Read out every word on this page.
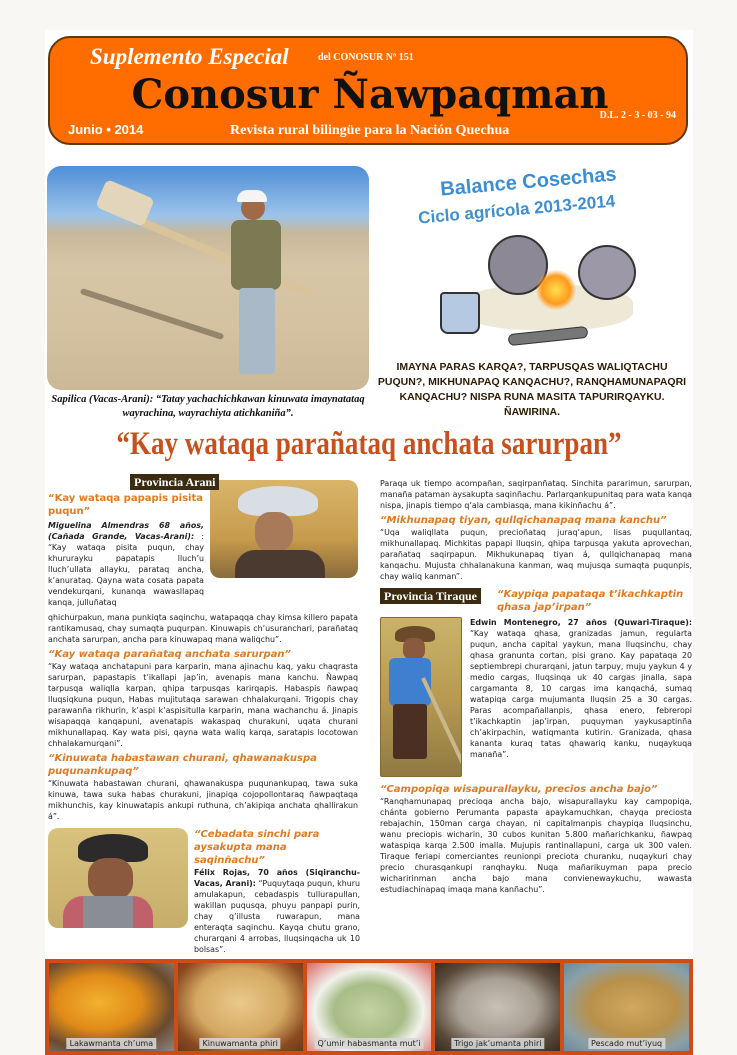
Suplemento Especial	del CONOSUR Nº 151
Conosur Ñawpaqman
Junio • 2014	Revista rural bilingüe para la Nación Quechua
D.L. 2 - 3 - 03 - 94
Sapilica (Vacas-Arani): “Tatay yachachichkawan kinuwata imaynatataq wayrachina, wayrachiyta atichkaniña”.
Balance Cosechas
Ciclo agrícola 2013-2014
IMAYNA PARAS KARQA?, TARPUSQAS WALIQTACHU PUQUN?, MIKHUNAPAQ KANQACHU?, RANQHAMUNAPAQRI KANQACHU? NISPA RUNA MASITA TAPURIRQAYKU. ÑAWIRINA.
“Kay wataqa parañataq anchata sarurpan”
Provincia Arani
“Kay wataqa papapis pisita puqun”
Miguelina Almendras 68 años, (Cañada Grande, Vacas-Arani): : “Kay wataqa pisita puqun, chay khururayku papatapis lluch’u lluch’ullata allayku, parataq ancha, k’anurataq. Qayna wata cosata papata vendekurqani, kunanqa wawasllapaq kanqa, julluñataq
qhichurpakun, mana punkiqta saqinchu, watapaqqa chay kimsa killero papata rantikamusaq, chay sumaqta puqurpan. Kinuwapis ch’usuranchari, parañataq anchata sarurpan, ancha para kinuwapaq mana waliqchu”.
“Kay wataqa parañataq anchata sarurpan”
“Kay wataqa anchatapuni para karparin, mana ajinachu kaq, yaku chaqrasta sarurpan, papastapis t’ikallapi jap’in, avenapis mana kanchu. Ñawpaq tarpusqa waliqlla karpan, qhipa tarpusqas karirqapis. Habaspis ñawpaq lluqsiqkuna puqun, Habas mujitutaqa sarawan chhalakurqani. Trigopis chay parawanña rikhurin, k’aspi k’aspisitulla karparin, mana wachanchu á. Jinapis wisapaqqa kanqapuni, avenatapis wakaspaq churakuni, uqata churani mikhunallapaq. Kay wata pisi, qayna wata waliq karqa, saratapis locotowan chhalakamurqani”.
“Kinuwata habastawan churani, qhawanakuspa puqunankupaq”
“Kinuwata habastawan churani, qhawanakuspa puqunankupaq, tawa suka kinuwa, tawa suka habas churakuni, jinapiqa cojopollontaraq ñawpaqtaqa mikhunchis, kay kinuwatapis ankupi ruthuna, ch’akipiqa anchata qhallirakun á”.
“Cebadata sinchi para aysakupta mana saqinñachu”
Félix Rojas, 70 años (Siqiranchu-Vacas, Arani): “Puquytaqa puqun, khuru amulakapun, cebadaspis tullurapullan, wakillan puqusqa, phuyu panpapi purin, chay q’illusta ruwarapun, mana enteraqta saqinchu. Kayqa chutu grano, churarqani 4 arrobas, lluqsinqacha uk 10 bolsas”.
Paraqa uk tiempo acompañan, saqirpanñataq. Sinchita pararimun, sarurpan, manaña pataman aysakupta saqinñachu. Parlarqankupunitaq para wata kanqa nispa, jinapis tiempo q’ala cambiasqa, mana kikinñachu á”.
“Mikhunapaq tiyan, qullqichanapaq mana kanchu”
“Uqa waliqllata puqun, precioñataq juraq’apun, lisas puqullantaq, mikhunallapaq. Michkitas papapi lluqsin, qhipa tarpusqa yakuta aprovechan, parañataq saqirpapun. Mikhukunapaq tiyan á, qullqichanapaq mana kanqachu. Mujusta chhalanakuna kanman, waq mujusqa sumaqta puqunpis, chay waliq kanman”.
Provincia Tiraque	“Kaypiqa papataqa t’ikachkaptin qhasa jap’irpan”
Edwin Montenegro, 27 años (Quwari-Tiraque): “Kay wataqa qhasa, granizadas jamun, regularta puqun, ancha capital yaykun, mana lluqsinchu, chay qhasa granunta cortan, pisi grano. Kay papataqa 20 septiembrepi churarqani, jatun tarpuy, muju yaykun 4 y medio cargas, lluqsinqa uk 40 cargas jinalla, sapa cargamanta 8, 10 cargas ima kanqachá, sumaq watapiqa carga mujumanta lluqsin 25 a 30 cargas. Paras acompañallanpis, qhasa enero, febreropi t’ikachkaptin jap’irpan, puquyman yaykusaptinña ch’akirpachin, watiqmanta kutirin. Granizada, qhasa kananta kuraq tatas qhawariq kanku, nuqaykuqa manaña”.
“Campopiqa wisapurallayku, precios ancha bajo”
“Ranqhamunapaq precioqa ancha bajo, wisapurallayku kay campopiqa, chánta gobierno Perumanta papasta apaykamuchkan, chayqa preciosta rebajachin, 150man carga chayan, ni capitalmanpis chaypiqa lluqsinchu, wanu preciopis wicharin, 30 cubos kunitan 5.800 mañarichkanku, ñawpaq wataspiqa karqa 2.500 imalla. Mujupis rantinallapuni, carga uk 300 valen. Tiraque feriapi comerciantes reunionpi preciota churanku, nuqaykuri chay precio churasqankupi ranqhayku. Nuqa mañarikuyman papa precio wicharirinman ancha bajo mana convienewaykuchu, wawasta estudiachinapaq imaqa mana kanñachu”.
Lakawmanta ch’uma	Kinuwamanta phiri	Q’umir habasmanta mut’i	Trigo jak’umanta phiri	Pescado mut’iyuq
